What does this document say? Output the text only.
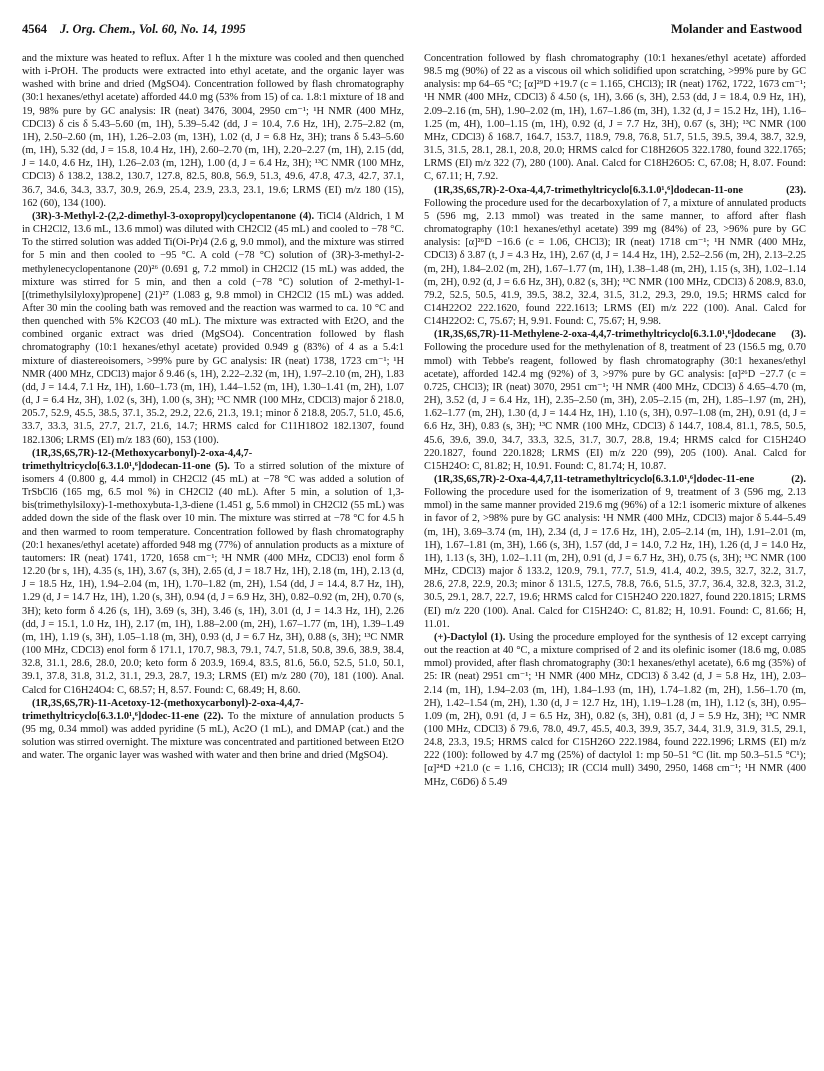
4564 J. Org. Chem., Vol. 60, No. 14, 1995	Molander and Eastwood

and the mixture was heated to reflux. After 1 h the mixture was cooled and then quenched with i-PrOH. The products were extracted into ethyl acetate, and the organic layer was washed with brine and dried (MgSO4). Concentration followed by flash chromatography (30:1 hexanes/ethyl acetate) afforded 44.0 mg (53% from 15) of ca. 1.8:1 mixture of 18 and 19, 98% pure by GC analysis: IR (neat) 3476, 3004, 2950 cm⁻¹; ¹H NMR (400 MHz, CDCl3) δ cis δ 5.43–5.60 (m, 1H), 5.39–5.42 (dd, J = 10.4, 7.6 Hz, 1H), 2.75–2.82 (m, 1H), 2.50–2.60 (m, 1H), 1.26–2.03 (m, 13H), 1.02 (d, J = 6.8 Hz, 3H); trans δ 5.43–5.60 (m, 1H), 5.32 (dd, J = 15.8, 10.4 Hz, 1H), 2.60–2.70 (m, 1H), 2.20–2.27 (m, 1H), 2.15 (dd, J = 14.0, 4.6 Hz, 1H), 1.26–2.03 (m, 12H), 1.00 (d, J = 6.4 Hz, 3H); ¹³C NMR (100 MHz, CDCl3) δ 138.2, 138.2, 130.7, 127.8, 82.5, 80.8, 56.9, 51.3, 49.6, 47.8, 47.3, 42.7, 37.1, 36.7, 34.6, 34.3, 33.7, 30.9, 26.9, 25.4, 23.9, 23.3, 23.1, 19.6; LRMS (EI) m/z 180 (15), 162 (60), 134 (100).

(3R)-3-Methyl-2-(2,2-dimethyl-3-oxopropyl)cyclopentanone (4). TiCl4 (Aldrich, 1 M in CH2Cl2, 13.6 mL, 13.6 mmol) was diluted with CH2Cl2 (45 mL) and cooled to −78 °C. To the stirred solution was added Ti(Oi-Pr)4 (2.6 g, 9.0 mmol), and the mixture was stirred for 5 min and then cooled to −95 °C. A cold (−78 °C) solution of (3R)-3-methyl-2-methylenecyclopentanone (20)²⁶ (0.691 g, 7.2 mmol) in CH2Cl2 (15 mL) was added, the mixture was stirred for 5 min, and then a cold (−78 °C) solution of 2-methyl-1-[(trimethylsilyloxy)propene] (21)²⁷ (1.083 g, 9.8 mmol) in CH2Cl2 (15 mL) was added. After 30 min the cooling bath was removed and the reaction was warmed to ca. 10 °C and then quenched with 5% K2CO3 (40 mL). The mixture was extracted with Et2O, and the combined organic extract was dried (MgSO4). Concentration followed by flash chromatography (10:1 hexanes/ethyl acetate) provided 0.949 g (83%) of 4 as a 5.4:1 mixture of diastereoisomers, >99% pure by GC analysis: IR (neat) 1738, 1723 cm⁻¹; ¹H NMR (400 MHz, CDCl3) major δ 9.46 (s, 1H), 2.22–2.32 (m, 1H), 1.97–2.10 (m, 2H), 1.83 (dd, J = 14.4, 7.1 Hz, 1H), 1.60–1.73 (m, 1H), 1.44–1.52 (m, 1H), 1.30–1.41 (m, 2H), 1.07 (d, J = 6.4 Hz, 3H), 1.02 (s, 3H), 1.00 (s, 3H); ¹³C NMR (100 MHz, CDCl3) major δ 218.0, 205.7, 52.9, 45.5, 38.5, 37.1, 35.2, 29.2, 22.6, 21.3, 19.1; minor δ 218.8, 205.7, 51.0, 45.6, 33.7, 33.3, 31.5, 27.7, 21.7, 21.6, 14.7; HRMS calcd for C11H18O2 182.1307, found 182.1306; LRMS (EI) m/z 183 (60), 153 (100).

(1R,3S,6S,7R)-12-(Methoxycarbonyl)-2-oxa-4,4,7-trimethyltricyclo[6.3.1.0¹,⁶]dodecan-11-one (5). To a stirred solution of the mixture of isomers 4 (0.800 g, 4.4 mmol) in CH2Cl2 (45 mL) at −78 °C was added a solution of TrSbCl6 (165 mg, 6.5 mol %) in CH2Cl2 (40 mL). After 5 min, a solution of 1,3-bis(trimethylsiloxy)-1-methoxybuta-1,3-diene (1.451 g, 5.6 mmol) in CH2Cl2 (55 mL) was added down the side of the flask over 10 min. The mixture was stirred at −78 °C for 4.5 h and then warmed to room temperature. Concentration followed by flash chromatography (20:1 hexanes/ethyl acetate) afforded 948 mg (77%) of annulation products as a mixture of tautomers: IR (neat) 1741, 1720, 1658 cm⁻¹; ¹H NMR (400 MHz, CDCl3) enol form δ 12.20 (br s, 1H), 4.35 (s, 1H), 3.67 (s, 3H), 2.65 (d, J = 18.7 Hz, 1H), 2.18 (m, 1H), 2.13 (d, J = 18.5 Hz, 1H), 1.94–2.04 (m, 1H), 1.70–1.82 (m, 2H), 1.54 (dd, J = 14.4, 8.7 Hz, 1H), 1.29 (d, J = 14.7 Hz, 1H), 1.20 (s, 3H), 0.94 (d, J = 6.9 Hz, 3H), 0.82–0.92 (m, 2H), 0.70 (s, 3H); keto form δ 4.26 (s, 1H), 3.69 (s, 3H), 3.46 (s, 1H), 3.01 (d, J = 14.3 Hz, 1H), 2.26 (dd, J = 15.1, 1.0 Hz, 1H), 2.17 (m, 1H), 1.88–2.00 (m, 2H), 1.67–1.77 (m, 1H), 1.39–1.49 (m, 1H), 1.19 (s, 3H), 1.05–1.18 (m, 3H), 0.93 (d, J = 6.7 Hz, 3H), 0.88 (s, 3H); ¹³C NMR (100 MHz, CDCl3) enol form δ 171.1, 170.7, 98.3, 79.1, 74.7, 51.8, 50.8, 39.6, 38.9, 38.4, 32.8, 31.1, 28.6, 28.0, 20.0; keto form δ 203.9, 169.4, 83.5, 81.6, 56.0, 52.5, 51.0, 50.1, 39.1, 37.8, 31.8, 31.2, 31.1, 29.3, 28.7, 19.3; LRMS (EI) m/z 280 (70), 181 (100). Anal. Calcd for C16H24O4: C, 68.57; H, 8.57. Found: C, 68.49; H, 8.60.

(1R,3S,6S,7R)-11-Acetoxy-12-(methoxycarbonyl)-2-oxa-4,4,7-trimethyltricyclo[6.3.1.0¹,⁶]dodec-11-ene (22). To the mixture of annulation products 5 (95 mg, 0.34 mmol) was added pyridine (5 mL), Ac2O (1 mL), and DMAP (cat.) and the solution was stirred overnight. The mixture was concentrated and partitioned between Et2O and water. The organic layer was washed with water and then brine and dried (MgSO4).

Concentration followed by flash chromatography (10:1 hexanes/ethyl acetate) afforded 98.5 mg (90%) of 22 as a viscous oil which solidified upon scratching, >99% pure by GC analysis: mp 64–65 °C; [α]²⁹D +19.7 (c = 1.165, CHCl3); IR (neat) 1762, 1722, 1673 cm⁻¹; ¹H NMR (400 MHz, CDCl3) δ 4.50 (s, 1H), 3.66 (s, 3H), 2.53 (dd, J = 18.4, 0.9 Hz, 1H), 2.09–2.16 (m, 5H), 1.90–2.02 (m, 1H), 1.67–1.86 (m, 3H), 1.32 (d, J = 15.2 Hz, 1H), 1.16–1.25 (m, 4H), 1.00–1.15 (m, 1H), 0.92 (d, J = 7.7 Hz, 3H), 0.67 (s, 3H); ¹³C NMR (100 MHz, CDCl3) δ 168.7, 164.7, 153.7, 118.9, 79.8, 76.8, 51.7, 51.5, 39.5, 39.4, 38.7, 32.9, 31.5, 31.5, 28.1, 28.1, 20.8, 20.0; HRMS calcd for C18H26O5 322.1780, found 322.1765; LRMS (EI) m/z 322 (7), 280 (100). Anal. Calcd for C18H26O5: C, 67.08; H, 8.07. Found: C, 67.11; H, 7.92.

(1R,3S,6S,7R)-2-Oxa-4,4,7-trimethyltricyclo[6.3.1.0¹,⁶]dodecan-11-one (23). Following the procedure used for the decarboxylation of 7, a mixture of annulated products 5 (596 mg, 2.13 mmol) was treated in the same manner, to afford after flash chromatography (10:1 hexanes/ethyl acetate) 399 mg (84%) of 23, >96% pure by GC analysis: [α]²⁶D −16.6 (c = 1.06, CHCl3); IR (neat) 1718 cm⁻¹; ¹H NMR (400 MHz, CDCl3) δ 3.87 (t, J = 4.3 Hz, 1H), 2.67 (d, J = 14.4 Hz, 1H), 2.52–2.56 (m, 2H), 2.13–2.25 (m, 2H), 1.84–2.02 (m, 2H), 1.67–1.77 (m, 1H), 1.38–1.48 (m, 2H), 1.15 (s, 3H), 1.02–1.14 (m, 2H), 0.92 (d, J = 6.6 Hz, 3H), 0.82 (s, 3H); ¹³C NMR (100 MHz, CDCl3) δ 208.9, 83.0, 79.2, 52.5, 50.5, 41.9, 39.5, 38.2, 32.4, 31.5, 31.2, 29.3, 29.0, 19.5; HRMS calcd for C14H22O2 222.1620, found 222.1613; LRMS (EI) m/z 222 (100). Anal. Calcd for C14H22O2: C, 75.67; H, 9.91. Found: C, 75.67; H, 9.98.

(1R,3S,6S,7R)-11-Methylene-2-oxa-4,4,7-trimethyltricyclo[6.3.1.0¹,⁶]dodecane (3). Following the procedure used for the methylenation of 8, treatment of 23 (156.5 mg, 0.70 mmol) with Tebbe's reagent, followed by flash chromatography (30:1 hexanes/ethyl acetate), afforded 142.4 mg (92%) of 3, >97% pure by GC analysis: [α]²⁶D −27.7 (c = 0.725, CHCl3); IR (neat) 3070, 2951 cm⁻¹; ¹H NMR (400 MHz, CDCl3) δ 4.65–4.70 (m, 2H), 3.52 (d, J = 6.4 Hz, 1H), 2.35–2.50 (m, 3H), 2.05–2.15 (m, 2H), 1.85–1.97 (m, 2H), 1.62–1.77 (m, 2H), 1.30 (d, J = 14.4 Hz, 1H), 1.10 (s, 3H), 0.97–1.08 (m, 2H), 0.91 (d, J = 6.6 Hz, 3H), 0.83 (s, 3H); ¹³C NMR (100 MHz, CDCl3) δ 144.7, 108.4, 81.1, 78.5, 50.5, 45.6, 39.6, 39.0, 34.7, 33.3, 32.5, 31.7, 30.7, 28.8, 19.4; HRMS calcd for C15H24O 220.1827, found 220.1828; LRMS (EI) m/z 220 (99), 205 (100). Anal. Calcd for C15H24O: C, 81.82; H, 10.91. Found: C, 81.74; H, 10.87.

(1R,3S,6S,7R)-2-Oxa-4,4,7,11-tetramethyltricyclo[6.3.1.0¹,⁶]dodec-11-ene (2). Following the procedure used for the isomerization of 9, treatment of 3 (596 mg, 2.13 mmol) in the same manner provided 219.6 mg (96%) of a 12:1 isomeric mixture of alkenes in favor of 2, >98% pure by GC analysis: ¹H NMR (400 MHz, CDCl3) major δ 5.44–5.49 (m, 1H), 3.69–3.74 (m, 1H), 2.34 (d, J = 17.6 Hz, 1H), 2.05–2.14 (m, 1H), 1.91–2.01 (m, 1H), 1.67–1.81 (m, 3H), 1.66 (s, 3H), 1.57 (dd, J = 14.0, 7.2 Hz, 1H), 1.26 (d, J = 14.0 Hz, 1H), 1.13 (s, 3H), 1.02–1.11 (m, 2H), 0.91 (d, J = 6.7 Hz, 3H), 0.75 (s, 3H); ¹³C NMR (100 MHz, CDCl3) major δ 133.2, 120.9, 79.1, 77.7, 51.9, 41.4, 40.2, 39.5, 32.7, 32.2, 31.7, 28.6, 27.8, 22.9, 20.3; minor δ 131.5, 127.5, 78.8, 76.6, 51.5, 37.7, 36.4, 32.8, 32.3, 31.2, 30.5, 29.1, 28.7, 22.7, 19.6; HRMS calcd for C15H24O 220.1827, found 220.1815; LRMS (EI) m/z 220 (100). Anal. Calcd for C15H24O: C, 81.82; H, 10.91. Found: C, 81.66; H, 11.01.

(+)-Dactylol (1). Using the procedure employed for the synthesis of 12 except carrying out the reaction at 40 °C, a mixture comprised of 2 and its olefinic isomer (18.6 mg, 0.085 mmol) provided, after flash chromatography (30:1 hexanes/ethyl acetate), 6.6 mg (35%) of 25: IR (neat) 2951 cm⁻¹; ¹H NMR (400 MHz, CDCl3) δ 3.42 (d, J = 5.8 Hz, 1H), 2.03–2.14 (m, 1H), 1.94–2.03 (m, 1H), 1.84–1.93 (m, 1H), 1.74–1.82 (m, 2H), 1.56–1.70 (m, 2H), 1.42–1.54 (m, 2H), 1.30 (d, J = 12.7 Hz, 1H), 1.19–1.28 (m, 1H), 1.12 (s, 3H), 0.95–1.09 (m, 2H), 0.91 (d, J = 6.5 Hz, 3H), 0.82 (s, 3H), 0.81 (d, J = 5.9 Hz, 3H); ¹³C NMR (100 MHz, CDCl3) δ 79.6, 78.0, 49.7, 45.5, 40.3, 39.9, 35.7, 34.4, 31.9, 31.9, 31.5, 29.1, 24.8, 23.3, 19.5; HRMS calcd for C15H26O 222.1984, found 222.1996; LRMS (EI) m/z 222 (100): followed by 4.7 mg (25%) of dactylol 1: mp 50–51 °C (lit. mp 50.3–51.5 °C¹); [α]²⁴D +21.0 (c = 1.16, CHCl3); IR (CCl4 mull) 3490, 2950, 1468 cm⁻¹; ¹H NMR (400 MHz, C6D6) δ 5.49
